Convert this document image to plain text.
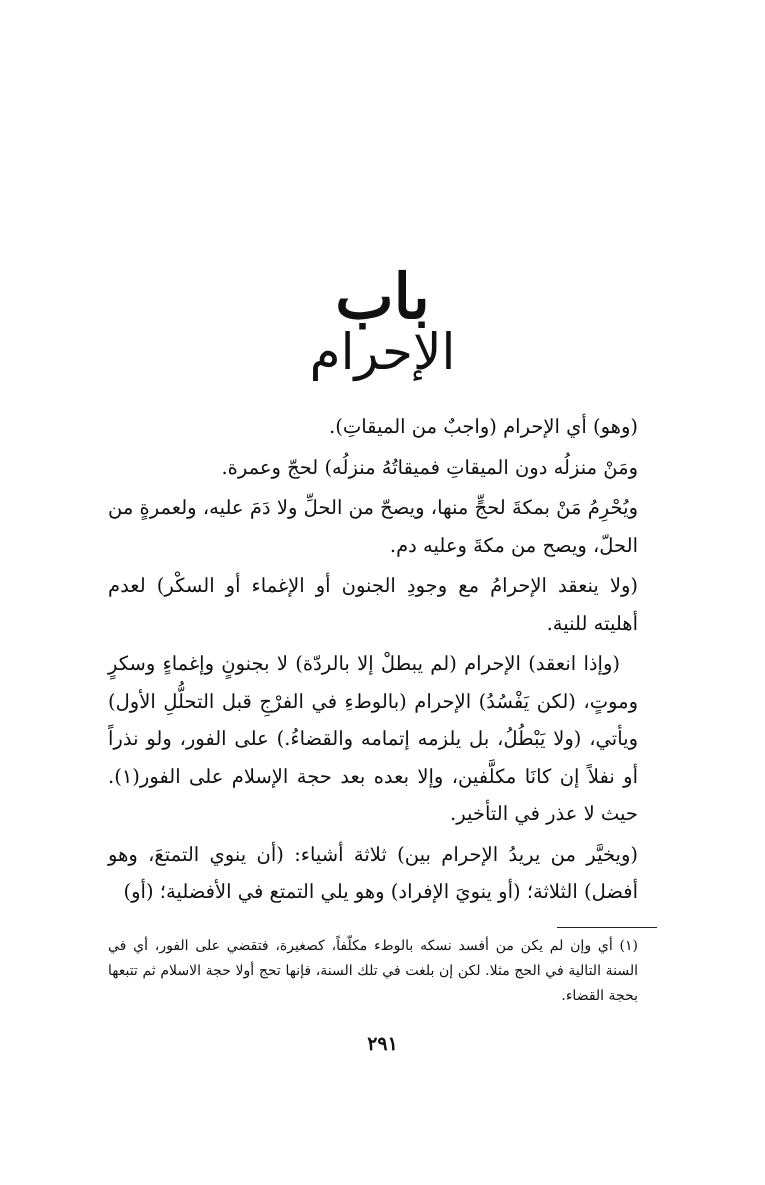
باب
الإحرام

(وهو) أي الإحرام (واجبٌ من الميقاتِ).

ومَنْ منزلُه دون الميقاتِ فميقاتُهُ منزلُه) لحجّ وعمرة.

ويُحْرِمُ مَنْ بمكةَ لحجٍّ منها، ويصحّ من الحلِّ ولا دَمَ عليه، ولعمرةٍ من الحلّ، ويصح من مكةَ وعليه دم.

(ولا ينعقد الإحرامُ مع وجودِ الجنون أو الإغماء أو السكْر) لعدم أهليته للنية.

(وإذا انعقد) الإحرام (لم يبطلْ إلا بالردّة) لا بجنونٍ وإغماءٍ وسكرٍ وموتٍ، (لكن يَفْسُدُ) الإحرام (بالوطءِ في الفرْجِ قبل التحلُّلِ الأول) ويأتي، (ولا يَبْطُلُ، بل يلزمه إتمامه والقضاءُ.) على الفور، ولو نذراً أو نفلاً إن كانَا مكلَّفين، وإلا بعده بعد حجة الإسلام على الفور(١). حيث لا عذر في التأخير.

(ويخيَّر من يريدُ الإحرام بين) ثلاثة أشياء: (أن ينوي التمتعَ، وهو أفضل) الثلاثة؛ (أو ينويَ الإفراد) وهو يلي التمتع في الأفضلية؛ (أو)

(١) أي وإن لم يكن من أفسد نسكه بالوطء مكلّفاً، كصغيرة، فتقضي على الفور، أي في السنة التالية في الحج مثلا. لكن إن بلغت في تلك السنة، فإنها تحج أولا حجة الاسلام ثم تتبعها بحجة القضاء.

٢٩١
